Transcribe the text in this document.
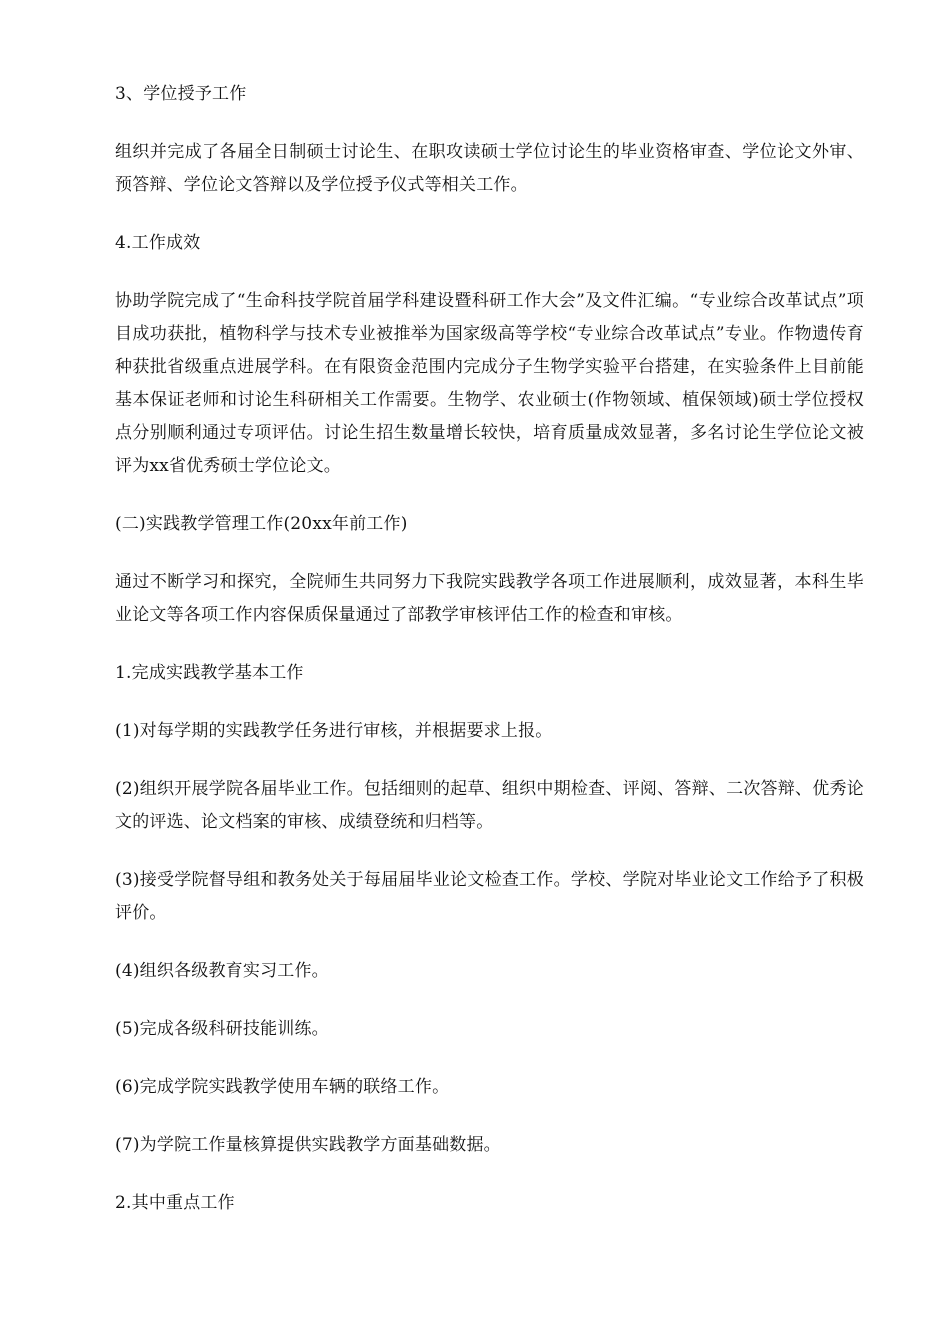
3、学位授予工作

组织并完成了各届全日制硕士讨论生、在职攻读硕士学位讨论生的毕业资格审查、学位论文外审、预答辩、学位论文答辩以及学位授予仪式等相关工作。

4.工作成效

协助学院完成了“生命科技学院首届学科建设暨科研工作大会”及文件汇编。“专业综合改革试点”项目成功获批，植物科学与技术专业被推举为国家级高等学校“专业综合改革试点”专业。作物遗传育种获批省级重点进展学科。在有限资金范围内完成分子生物学实验平台搭建，在实验条件上目前能基本保证老师和讨论生科研相关工作需要。生物学、农业硕士(作物领域、植保领域)硕士学位授权点分别顺利通过专项评估。讨论生招生数量增长较快，培育质量成效显著，多名讨论生学位论文被评为xx省优秀硕士学位论文。

(二)实践教学管理工作(20xx年前工作)

通过不断学习和探究，全院师生共同努力下我院实践教学各项工作进展顺利，成效显著，本科生毕业论文等各项工作内容保质保量通过了部教学审核评估工作的检查和审核。

1.完成实践教学基本工作

(1)对每学期的实践教学任务进行审核，并根据要求上报。

(2)组织开展学院各届毕业工作。包括细则的起草、组织中期检查、评阅、答辩、二次答辩、优秀论文的评选、论文档案的审核、成绩登统和归档等。

(3)接受学院督导组和教务处关于每届届毕业论文检查工作。学校、学院对毕业论文工作给予了积极评价。

(4)组织各级教育实习工作。

(5)完成各级科研技能训练。

(6)完成学院实践教学使用车辆的联络工作。

(7)为学院工作量核算提供实践教学方面基础数据。

2.其中重点工作
